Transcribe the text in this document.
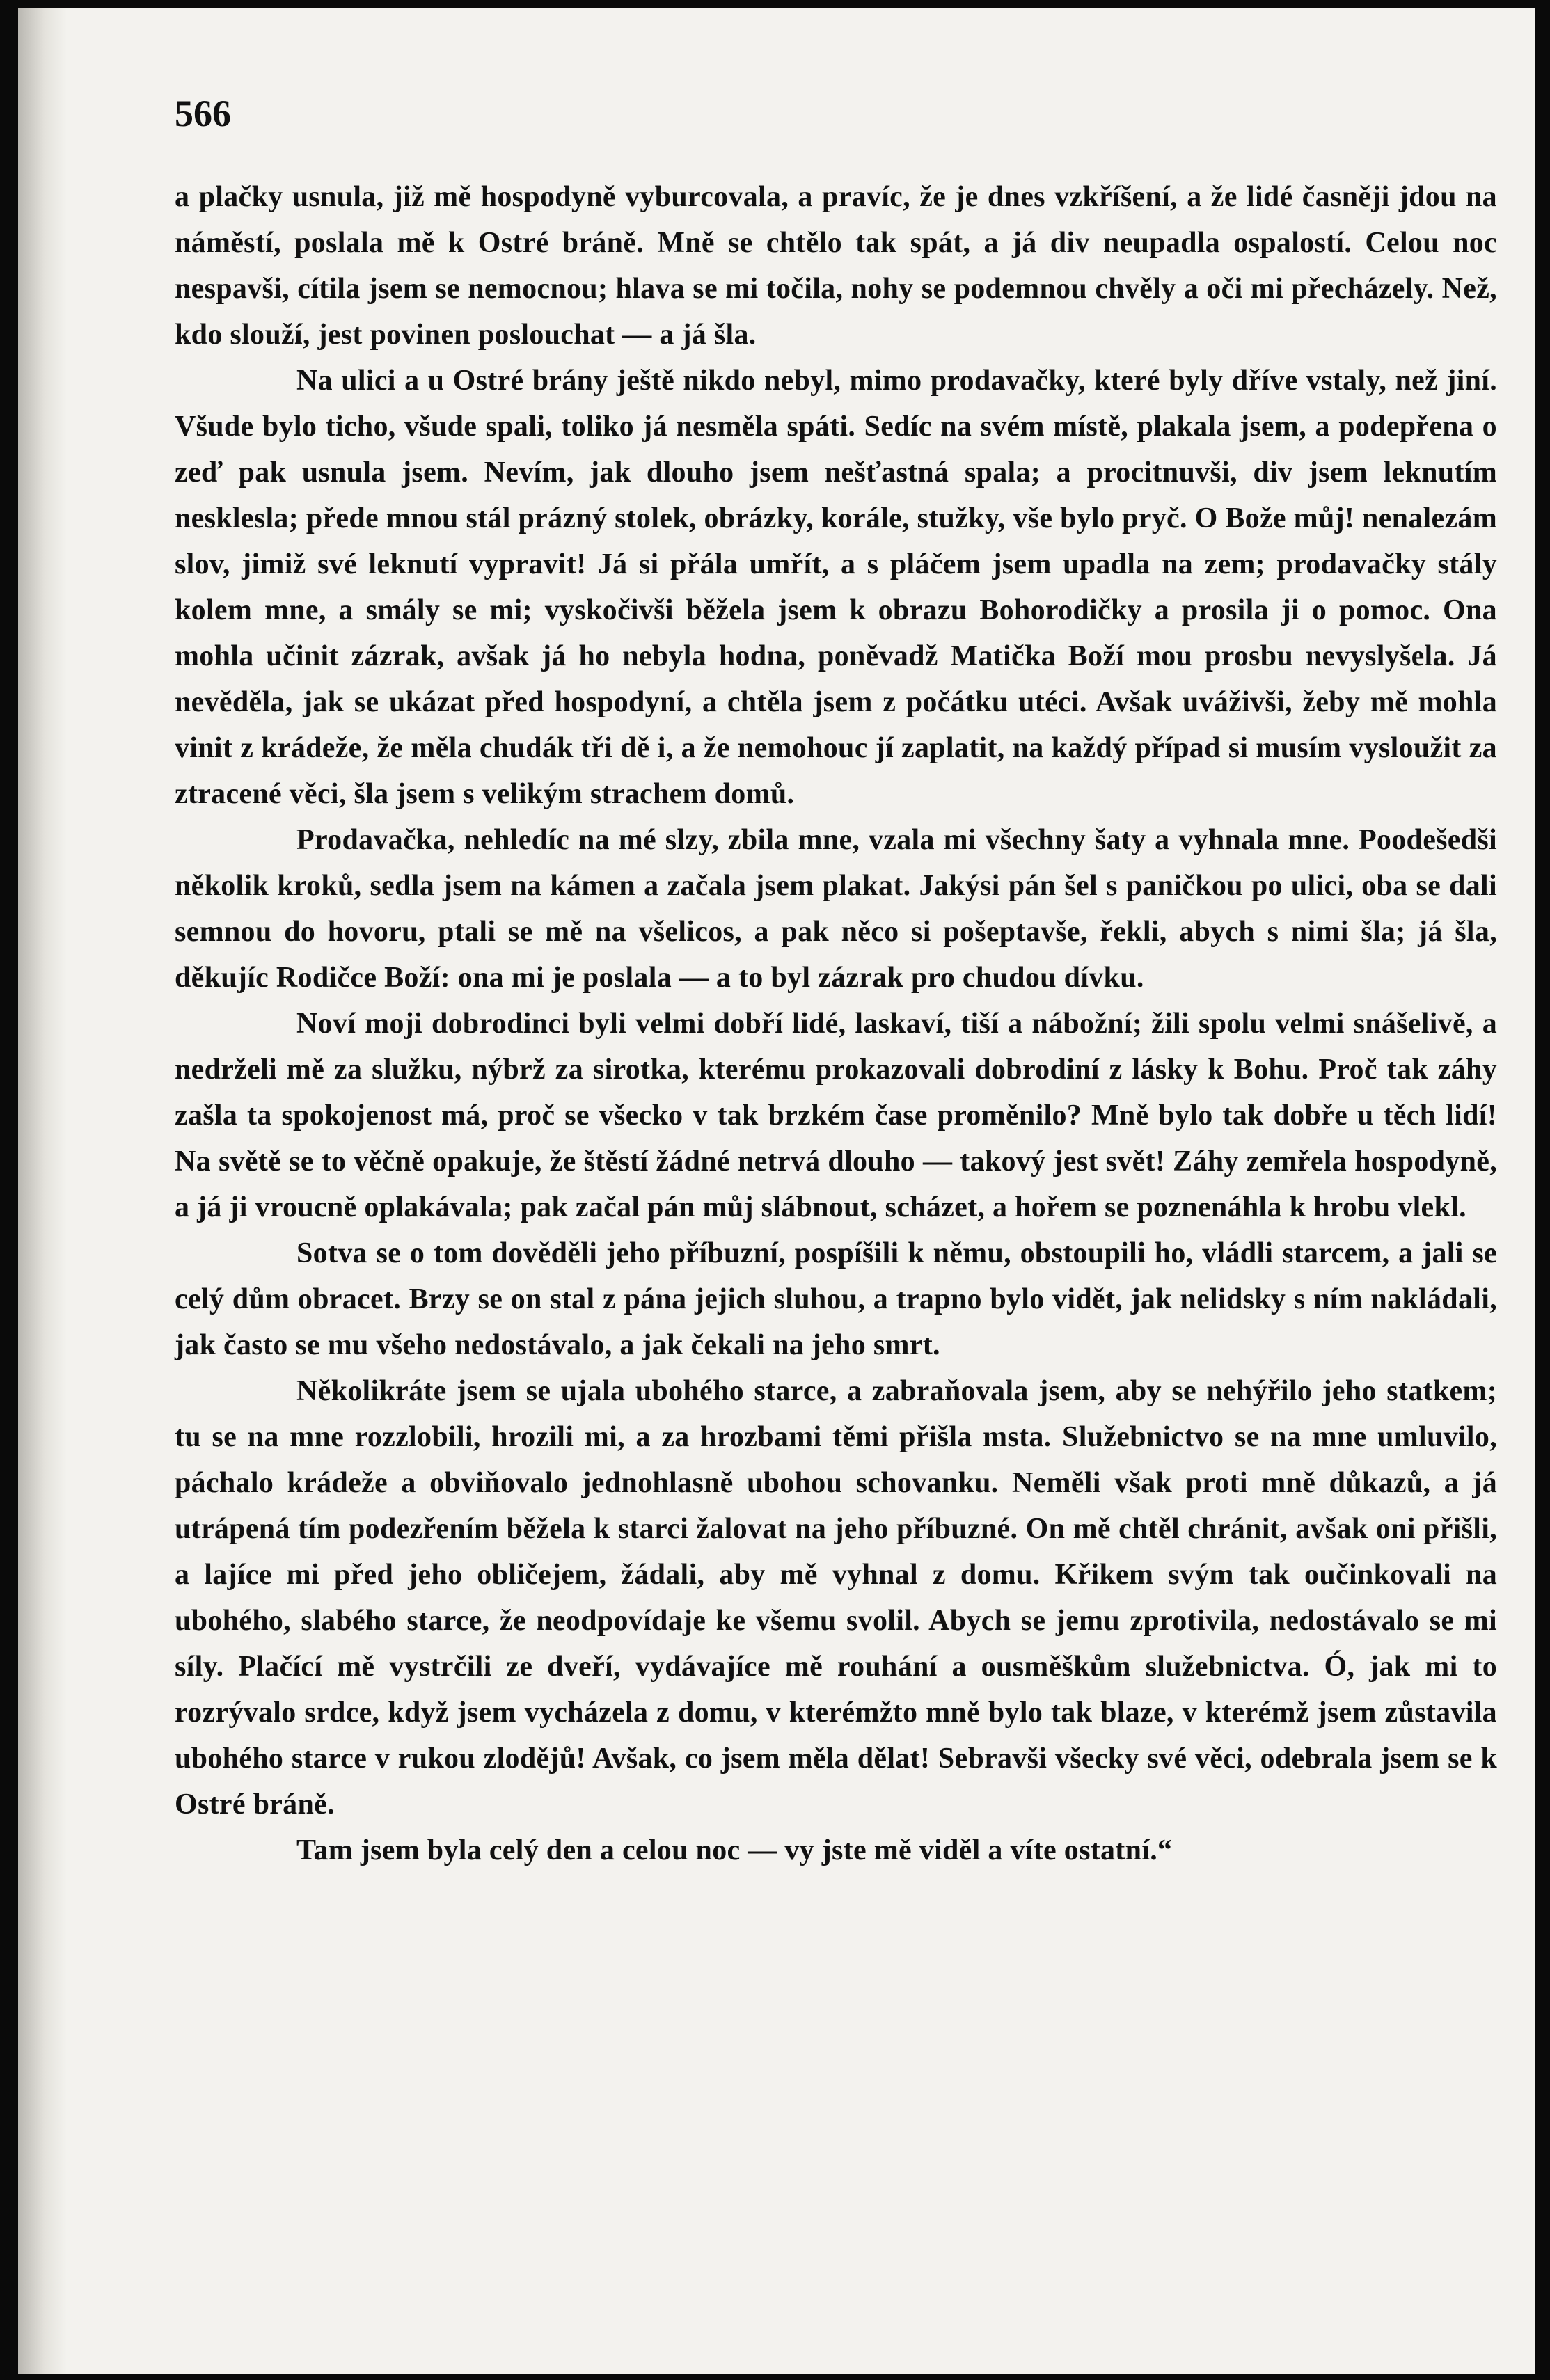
566

a plačky usnula, již mě hospodyně vyburcovala, a pravíc, že je dnes vzkříšení, a že lidé časněji jdou na náměstí, poslala mě k Ostré bráně. Mně se chtělo tak spát, a já div neupadla ospalostí. Celou noc nespavši, cítila jsem se nemocnou; hlava se mi točila, nohy se podemnou chvěly a oči mi přecházely. Než, kdo slouží, jest povinen poslouchat — a já šla.

Na ulici a u Ostré brány ještě nikdo nebyl, mimo prodavačky, které byly dříve vstaly, než jiní. Všude bylo ticho, všude spali, toliko já nesměla spáti. Sedíc na svém místě, plakala jsem, a podepřena o zeď pak usnula jsem. Nevím, jak dlouho jsem nešťastná spala; a procitnuvši, div jsem leknutím nesklesla; přede mnou stál prázný stolek, obrázky, korále, stužky, vše bylo pryč. O Bože můj! nenalezám slov, jimiž své leknutí vypravit! Já si přála umřít, a s pláčem jsem upadla na zem; prodavačky stály kolem mne, a smály se mi; vyskočivši běžela jsem k obrazu Bohorodičky a prosila ji o pomoc. Ona mohla učinit zázrak, avšak já ho nebyla hodna, poněvadž Matička Boží mou prosbu nevyslyšela. Já nevěděla, jak se ukázat před hospodyní, a chtěla jsem z počátku utéci. Avšak uváživši, žeby mě mohla vinit z krádeže, že měla chudák tři dě i, a že nemohouc jí zaplatit, na každý případ si musím vysloužit za ztracené věci, šla jsem s velikým strachem domů.

Prodavačka, nehledíc na mé slzy, zbila mne, vzala mi všechny šaty a vyhnala mne. Poodešedši několik kroků, sedla jsem na kámen a začala jsem plakat. Jakýsi pán šel s paničkou po ulici, oba se dali semnou do hovoru, ptali se mě na všelicos, a pak něco si pošeptavše, řekli, abych s nimi šla; já šla, děkujíc Rodičce Boží: ona mi je poslala — a to byl zázrak pro chudou dívku.

Noví moji dobrodinci byli velmi dobří lidé, laskaví, tiší a nábožní; žili spolu velmi snášelivě, a nedrželi mě za služku, nýbrž za sirotka, kterému prokazovali dobrodiní z lásky k Bohu. Proč tak záhy zašla ta spokojenost má, proč se všecko v tak brzkém čase proměnilo? Mně bylo tak dobře u těch lidí! Na světě se to věčně opakuje, že štěstí žádné netrvá dlouho — takový jest svět! Záhy zemřela hospodyně, a já ji vroucně oplakávala; pak začal pán můj slábnout, scházet, a hořem se poznenáhla k hrobu vlekl.

Sotva se o tom dověděli jeho příbuzní, pospíšili k němu, obstoupili ho, vládli starcem, a jali se celý dům obracet. Brzy se on stal z pána jejich sluhou, a trapno bylo vidět, jak nelidsky s ním nakládali, jak často se mu všeho nedostávalo, a jak čekali na jeho smrt.

Několikráte jsem se ujala ubohého starce, a zabraňovala jsem, aby se nehýřilo jeho statkem; tu se na mne rozzlobili, hrozili mi, a za hrozbami těmi přišla msta. Služebnictvo se na mne umluvilo, páchalo krádeže a obviňovalo jednohlasně ubohou schovanku. Neměli však proti mně důkazů, a já utrápená tím podezřením běžela k starci žalovat na jeho příbuzné. On mě chtěl chránit, avšak oni přišli, a lajíce mi před jeho obličejem, žádali, aby mě vyhnal z domu. Křikem svým tak oučinkovali na ubohého, slabého starce, že neodpovídaje ke všemu svolil. Abych se jemu zprotivila, nedostávalo se mi síly. Plačící mě vystrčili ze dveří, vydávajíce mě rouhání a ousměškům služebnictva. Ó, jak mi to rozrývalo srdce, když jsem vycházela z domu, v kterémžto mně bylo tak blaze, v kterémž jsem zůstavila ubohého starce v rukou zlodějů! Avšak, co jsem měla dělat! Sebravši všecky své věci, odebrala jsem se k Ostré bráně.

Tam jsem byla celý den a celou noc — vy jste mě viděl a víte ostatní.“
